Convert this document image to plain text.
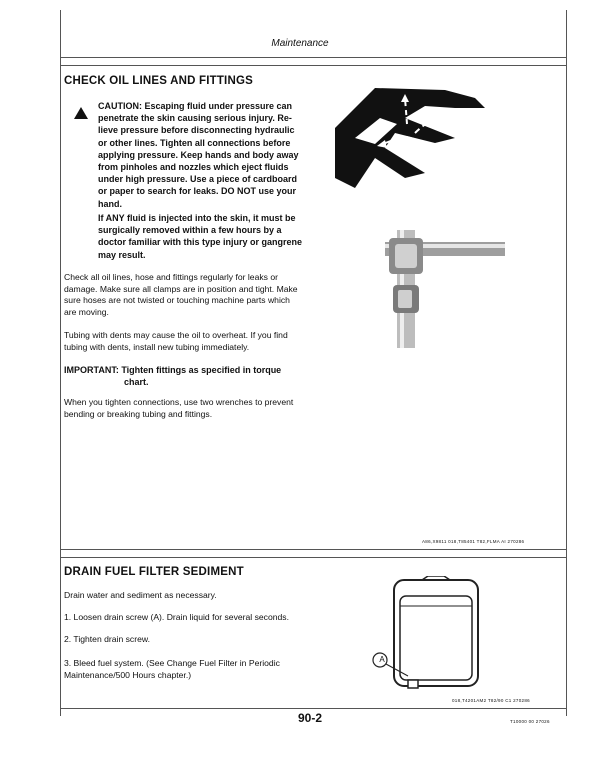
Maintenance
CHECK OIL LINES AND FITTINGS
CAUTION: Escaping fluid under pressure can
penetrate the skin causing serious injury. Re-
lieve pressure before disconnecting hydraulic
or other lines. Tighten all connections before
applying pressure. Keep hands and body away
from pinholes and nozzles which eject fluids
under high pressure. Use a piece of cardboard
or paper to search for leaks. DO NOT use your
hand.
If ANY fluid is injected into the skin, it must be
surgically removed within a few hours by a
doctor familiar with this type injury or gangrene
may result.
Check all oil lines, hose and fittings regularly for leaks or
damage. Make sure all clamps are in position and tight. Make
sure hoses are not twisted or touching machine parts which
are moving.
Tubing with dents may cause the oil to overheat. If you find
tubing with dents, install new tubing immediately.
IMPORTANT: Tighten fittings as specified in torque
chart.
When you tighten connections, use two wrenches to prevent
bending or breaking tubing and fittings.
A86,X9811 018,T85401 T82,FLMA AI 270286
DRAIN FUEL FILTER SEDIMENT
Drain water and sediment as necessary.
1. Loosen drain screw (A). Drain liquid for several seconds.
2. Tighten drain screw.
3. Bleed fuel system. (See Change Fuel Filter in Periodic
Maintenance/500 Hours chapter.)
A
018,T4201AM2 T82/90 C1 270286
90-2	T10000 00 27026
